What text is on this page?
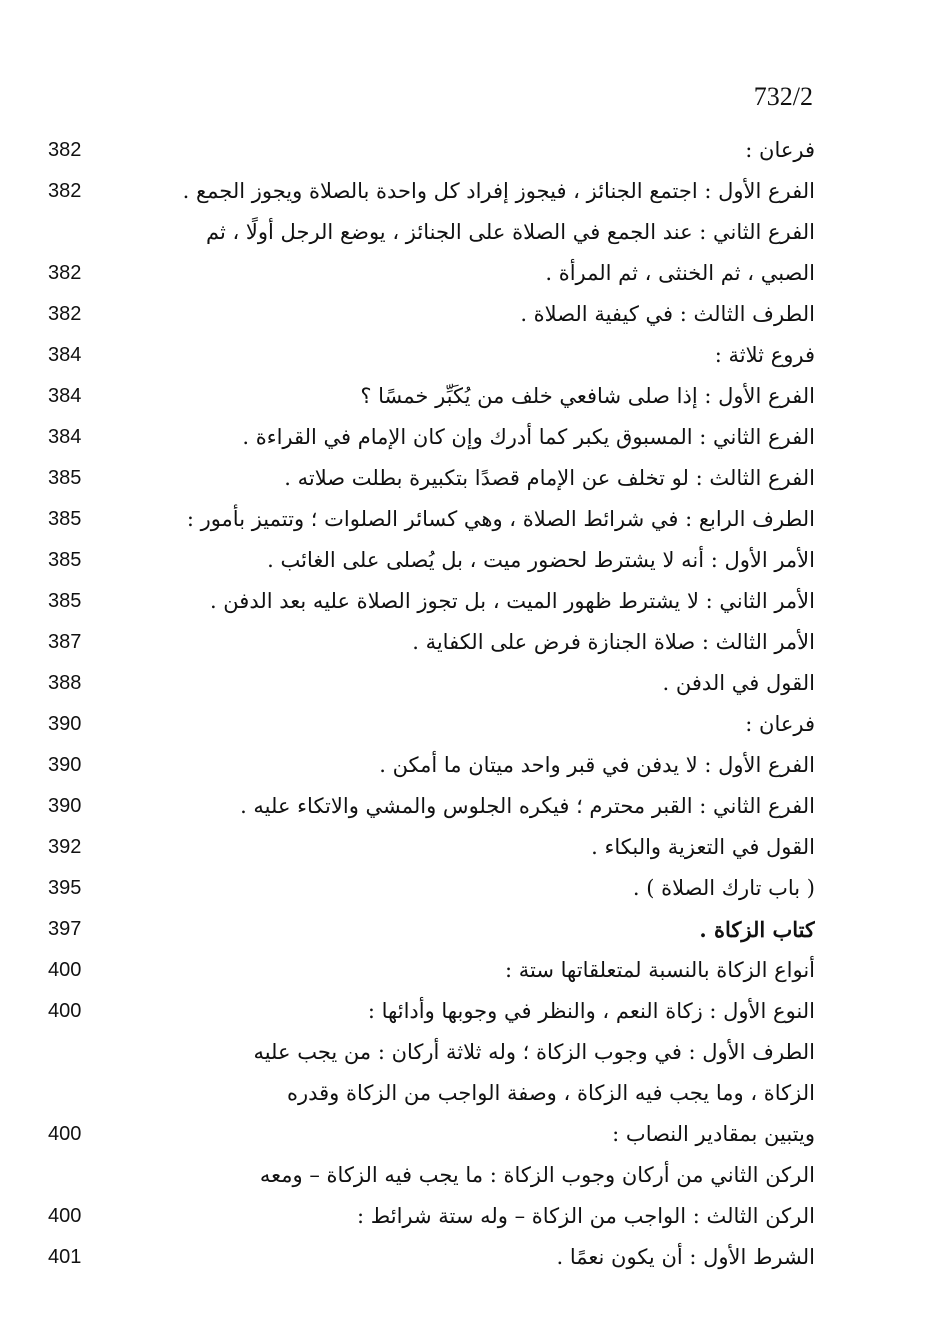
732/2
فرعان :
382
الفرع الأول : اجتمع الجنائز ، فيجوز إفراد كل واحدة بالصلاة ويجوز الجمع .
382
الفرع الثاني : عند الجمع في الصلاة على الجنائز ، يوضع الرجل أولًا ، ثم
الصبي ، ثم الخنثى ، ثم المرأة .
382
الطرف الثالث : في كيفية الصلاة .
382
فروع ثلاثة :
384
الفرع الأول : إذا صلى شافعي خلف من يُكَبِّر خمسًا ؟
384
الفرع الثاني : المسبوق يكبر كما أدرك وإن كان الإمام في القراءة .
384
الفرع الثالث : لو تخلف عن الإمام قصدًا بتكبيرة بطلت صلاته .
385
الطرف الرابع : في شرائط الصلاة ، وهي كسائر الصلوات ؛ وتتميز بأمور :
385
الأمر الأول : أنه لا يشترط لحضور ميت ، بل يُصلى على الغائب .
385
الأمر الثاني : لا يشترط ظهور الميت ، بل تجوز الصلاة عليه بعد الدفن .
385
الأمر الثالث : صلاة الجنازة فرض على الكفاية .
387
القول في الدفن .
388
فرعان :
390
الفرع الأول : لا يدفن في قبر واحد ميتان ما أمكن .
390
الفرع الثاني : القبر محترم ؛ فيكره الجلوس والمشي والاتكاء عليه .
390
القول في التعزية والبكاء .
392
( باب تارك الصلاة ) .
395
كتاب الزكاة .
397
أنواع الزكاة بالنسبة لمتعلقاتها ستة :
400
النوع الأول : زكاة النعم ، والنظر في وجوبها وأدائها :
400
الطرف الأول : في وجوب الزكاة ؛ وله ثلاثة أركان : من يجب عليه
الزكاة ، وما يجب فيه الزكاة ، وصفة الواجب من الزكاة وقدره
ويتبين بمقادير النصاب :
400
الركن الثاني من أركان وجوب الزكاة : ما يجب فيه الزكاة – ومعه
الركن الثالث : الواجب من الزكاة – وله ستة شرائط :
400
الشرط الأول : أن يكون نعمًا .
401
